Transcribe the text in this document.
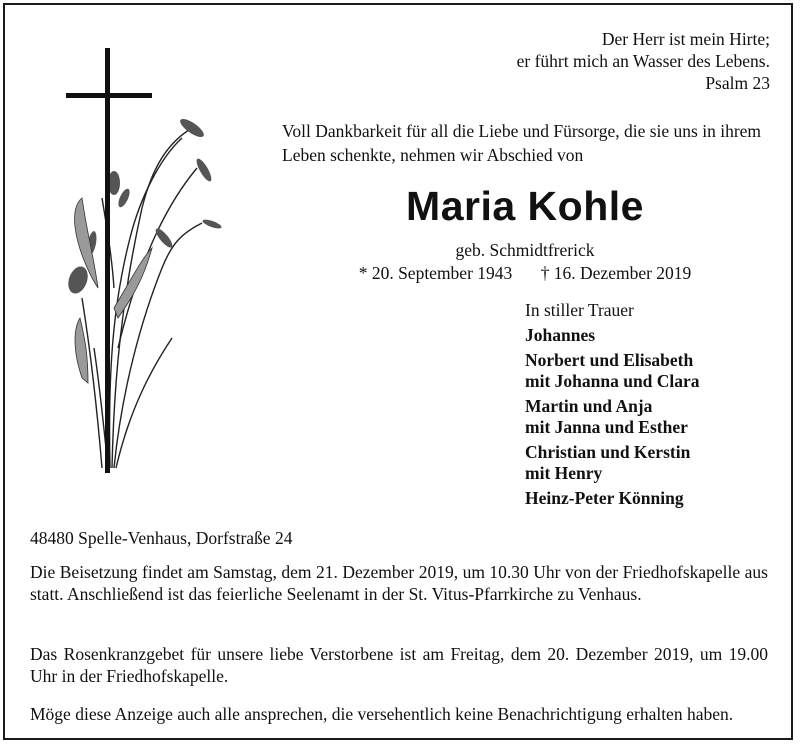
Der Herr ist mein Hirte;
er führt mich an Wasser des Lebens.
Psalm 23
Voll Dankbarkeit für all die Liebe und Fürsorge, die sie uns in ihrem Leben schenkte, nehmen wir Abschied von
Maria Kohle
geb. Schmidtfrerick
* 20. September 1943 † 16. Dezember 2019
In stiller Trauer
Johannes
Norbert und Elisabeth
mit Johanna und Clara
Martin und Anja
mit Janna und Esther
Christian und Kerstin
mit Henry
Heinz-Peter Könning
48480 Spelle-Venhaus, Dorfstraße 24
Die Beisetzung findet am Samstag, dem 21. Dezember 2019, um 10.30 Uhr von der Friedhofskapelle aus statt. Anschließend ist das feierliche Seelenamt in der St. Vitus-Pfarrkirche zu Venhaus.
Das Rosenkranzgebet für unsere liebe Verstorbene ist am Freitag, dem 20. Dezember 2019, um 19.00 Uhr in der Friedhofskapelle.
Möge diese Anzeige auch alle ansprechen, die versehentlich keine Benachrichtigung erhalten haben.
